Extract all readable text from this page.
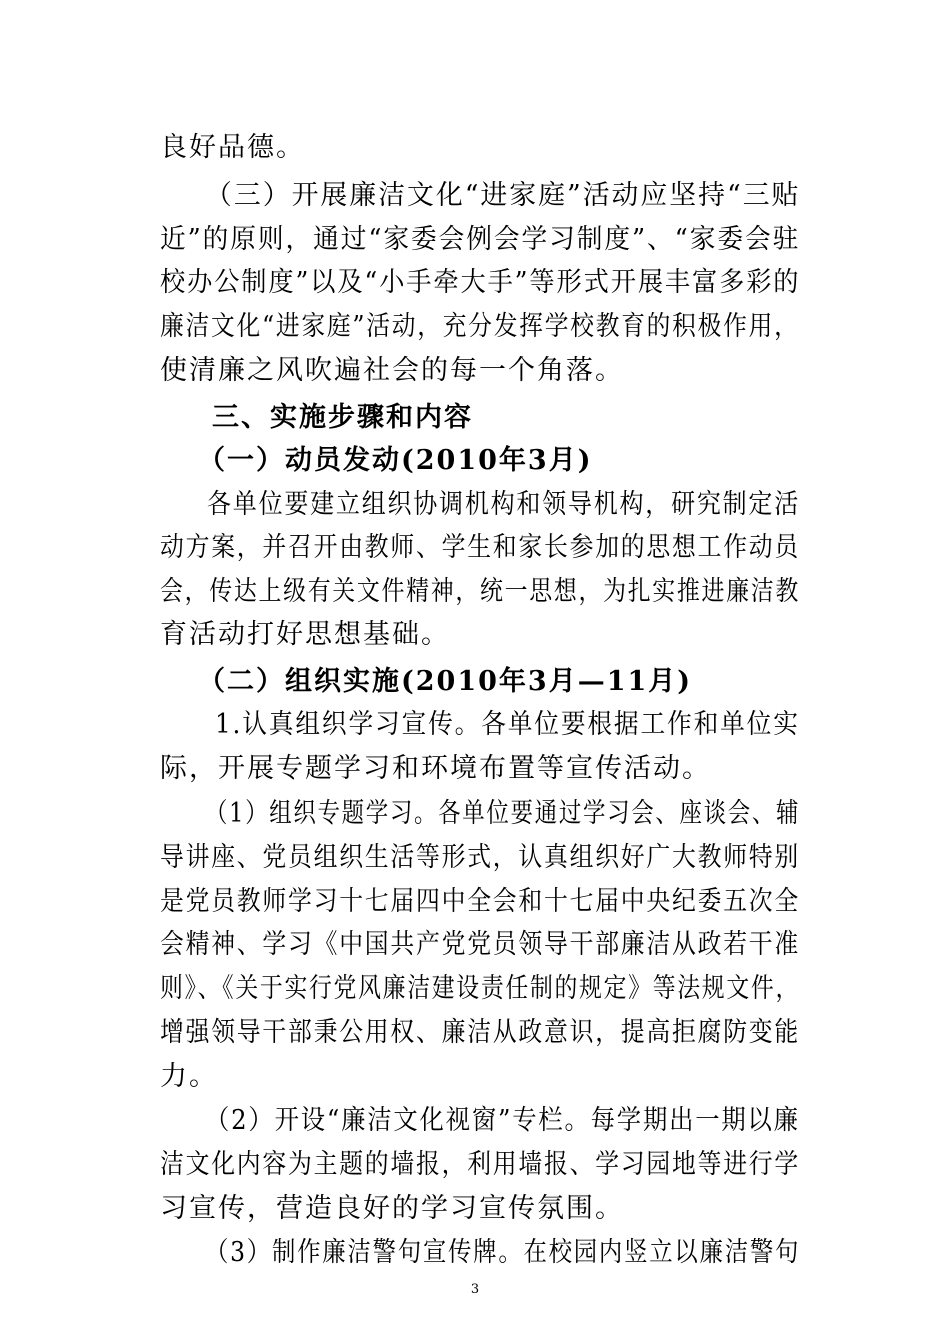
良好品德。
（三）开展廉洁文化“进家庭”活动应坚持“三贴
近”的原则，通过“家委会例会学习制度”、“家委会驻
校办公制度”以及“小手牵大手”等形式开展丰富多彩的
廉洁文化“进家庭”活动，充分发挥学校教育的积极作用，
使清廉之风吹遍社会的每一个角落。
三、实施步骤和内容
（一）动员发动(2010年3月)
各单位要建立组织协调机构和领导机构，研究制定活
动方案，并召开由教师、学生和家长参加的思想工作动员
会，传达上级有关文件精神，统一思想，为扎实推进廉洁教
育活动打好思想基础。
（二）组织实施(2010年3月—11月)
1.认真组织学习宣传。各单位要根据工作和单位实
际，开展专题学习和环境布置等宣传活动。
（1）组织专题学习。各单位要通过学习会、座谈会、辅
导讲座、党员组织生活等形式，认真组织好广大教师特别
是党员教师学习十七届四中全会和十七届中央纪委五次全
会精神、学习《中国共产党党员领导干部廉洁从政若干准
则》、《关于实行党风廉洁建设责任制的规定》等法规文件，
增强领导干部秉公用权、廉洁从政意识，提高拒腐防变能
力。
（2）开设“廉洁文化视窗”专栏。每学期出一期以廉
洁文化内容为主题的墙报，利用墙报、学习园地等进行学
习宣传，营造良好的学习宣传氛围。
（3）制作廉洁警句宣传牌。在校园内竖立以廉洁警句
3
